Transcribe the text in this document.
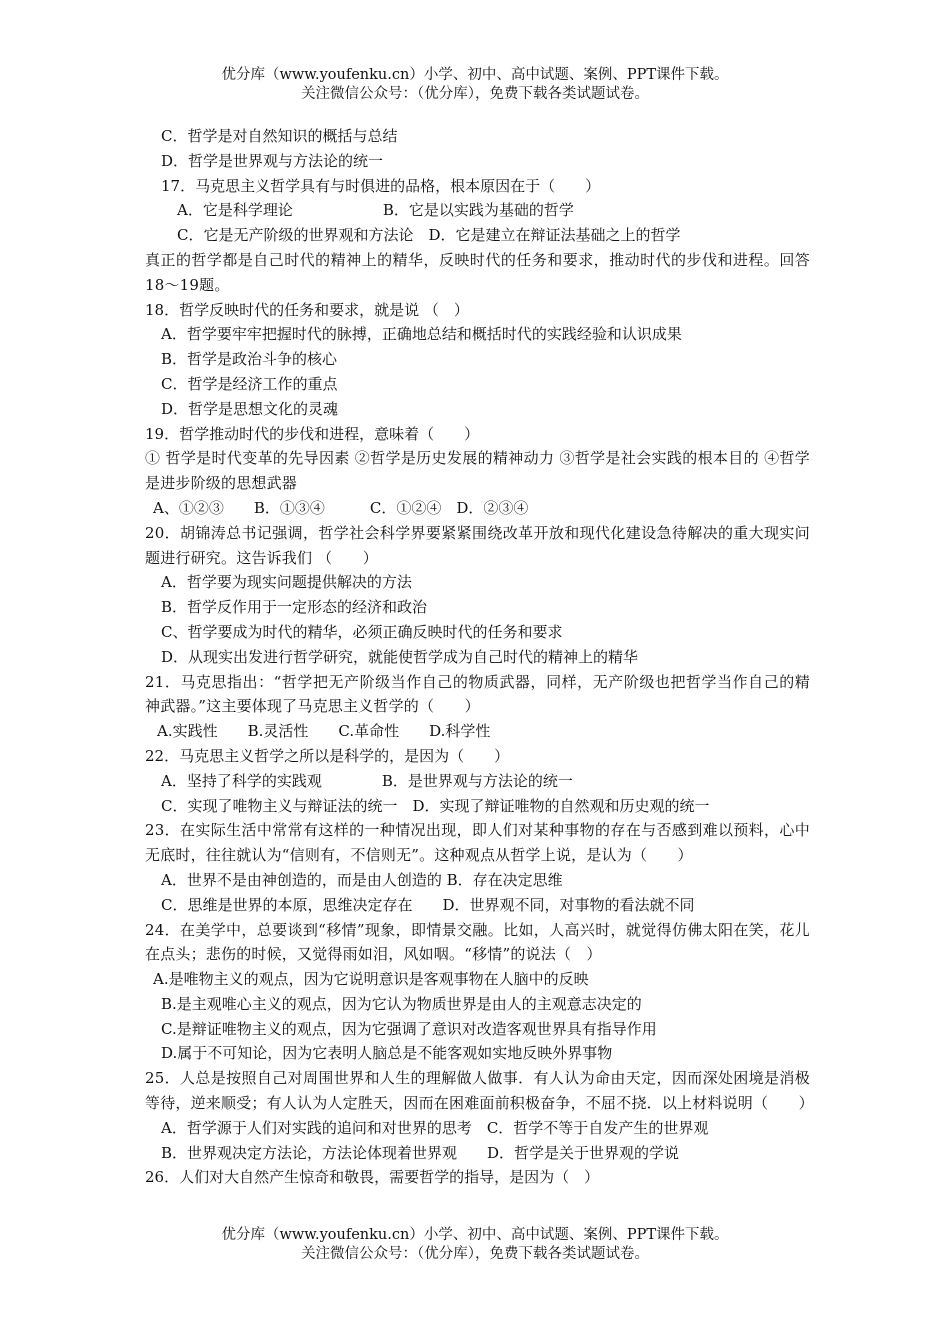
优分库（www.youfenku.cn）小学、初中、高中试题、案例、PPT课件下载。
关注微信公众号：（优分库），免费下载各类试题试卷。
C．哲学是对自然知识的概括与总结
D．哲学是世界观与方法论的统一
17．马克思主义哲学具有与时俱进的品格，根本原因在于（　　）
A．它是科学理论　　　　　　B．它是以实践为基础的哲学
C．它是无产阶级的世界观和方法论　D．它是建立在辩证法基础之上的哲学
真正的哲学都是自己时代的精神上的精华，反映时代的任务和要求，推动时代的步伐和进程。回答18～19题。
18．哲学反映时代的任务和要求，就是说 （　）
A．哲学要牢牢把握时代的脉搏，正确地总结和概括时代的实践经验和认识成果
B．哲学是政治斗争的核心
C．哲学是经济工作的重点
D．哲学是思想文化的灵魂
19．哲学推动时代的步伐和进程，意味着（　　）
① 哲学是时代变革的先导因素 ②哲学是历史发展的精神动力 ③哲学是社会实践的根本目的 ④哲学是进步阶级的思想武器
A、①②③　　B．①③④　　　C．①②④　D．②③④
20．胡锦涛总书记强调，哲学社会科学界要紧紧围绕改革开放和现代化建设急待解决的重大现实问题进行研究。这告诉我们 （　　）
A．哲学要为现实问题提供解决的方法
B．哲学反作用于一定形态的经济和政治
C、哲学要成为时代的精华，必须正确反映时代的任务和要求
D．从现实出发进行哲学研究，就能使哲学成为自己时代的精神上的精华
21．马克思指出：“哲学把无产阶级当作自己的物质武器，同样，无产阶级也把哲学当作自己的精神武器。”这主要体现了马克思主义哲学的（　　）
A.实践性　　B.灵活性　　C.革命性　　D.科学性
22．马克思主义哲学之所以是科学的，是因为（　　）
A．坚持了科学的实践观　　　　B．是世界观与方法论的统一
C．实现了唯物主义与辩证法的统一　D．实现了辩证唯物的自然观和历史观的统一
23．在实际生活中常常有这样的一种情况出现，即人们对某种事物的存在与否感到难以预料，心中无底时，往往就认为“信则有，不信则无”。这种观点从哲学上说，是认为（　　）
A．世界不是由神创造的，而是由人创造的 B．存在决定思维
C．思维是世界的本原，思维决定存在　　D．世界观不同，对事物的看法就不同
24．在美学中，总要谈到“移情”现象，即情景交融。比如，人高兴时，就觉得仿佛太阳在笑，花儿在点头；悲伤的时候，又觉得雨如泪，风如咽。“移情”的说法（　）
A.是唯物主义的观点，因为它说明意识是客观事物在人脑中的反映
B.是主观唯心主义的观点，因为它认为物质世界是由人的主观意志决定的
C.是辩证唯物主义的观点，因为它强调了意识对改造客观世界具有指导作用
D.属于不可知论，因为它表明人脑总是不能客观如实地反映外界事物
25．人总是按照自己对周围世界和人生的理解做人做事．有人认为命由天定，因而深处困境是消极等待，逆来顺受；有人认为人定胜天，因而在困难面前积极奋争，不屈不挠．以上材料说明（　　）
A．哲学源于人们对实践的追问和对世界的思考　C．哲学不等于自发产生的世界观
B．世界观决定方法论，方法论体现着世界观　　D．哲学是关于世界观的学说
26．人们对大自然产生惊奇和敬畏，需要哲学的指导，是因为（　）
优分库（www.youfenku.cn）小学、初中、高中试题、案例、PPT课件下载。
关注微信公众号：（优分库），免费下载各类试题试卷。
